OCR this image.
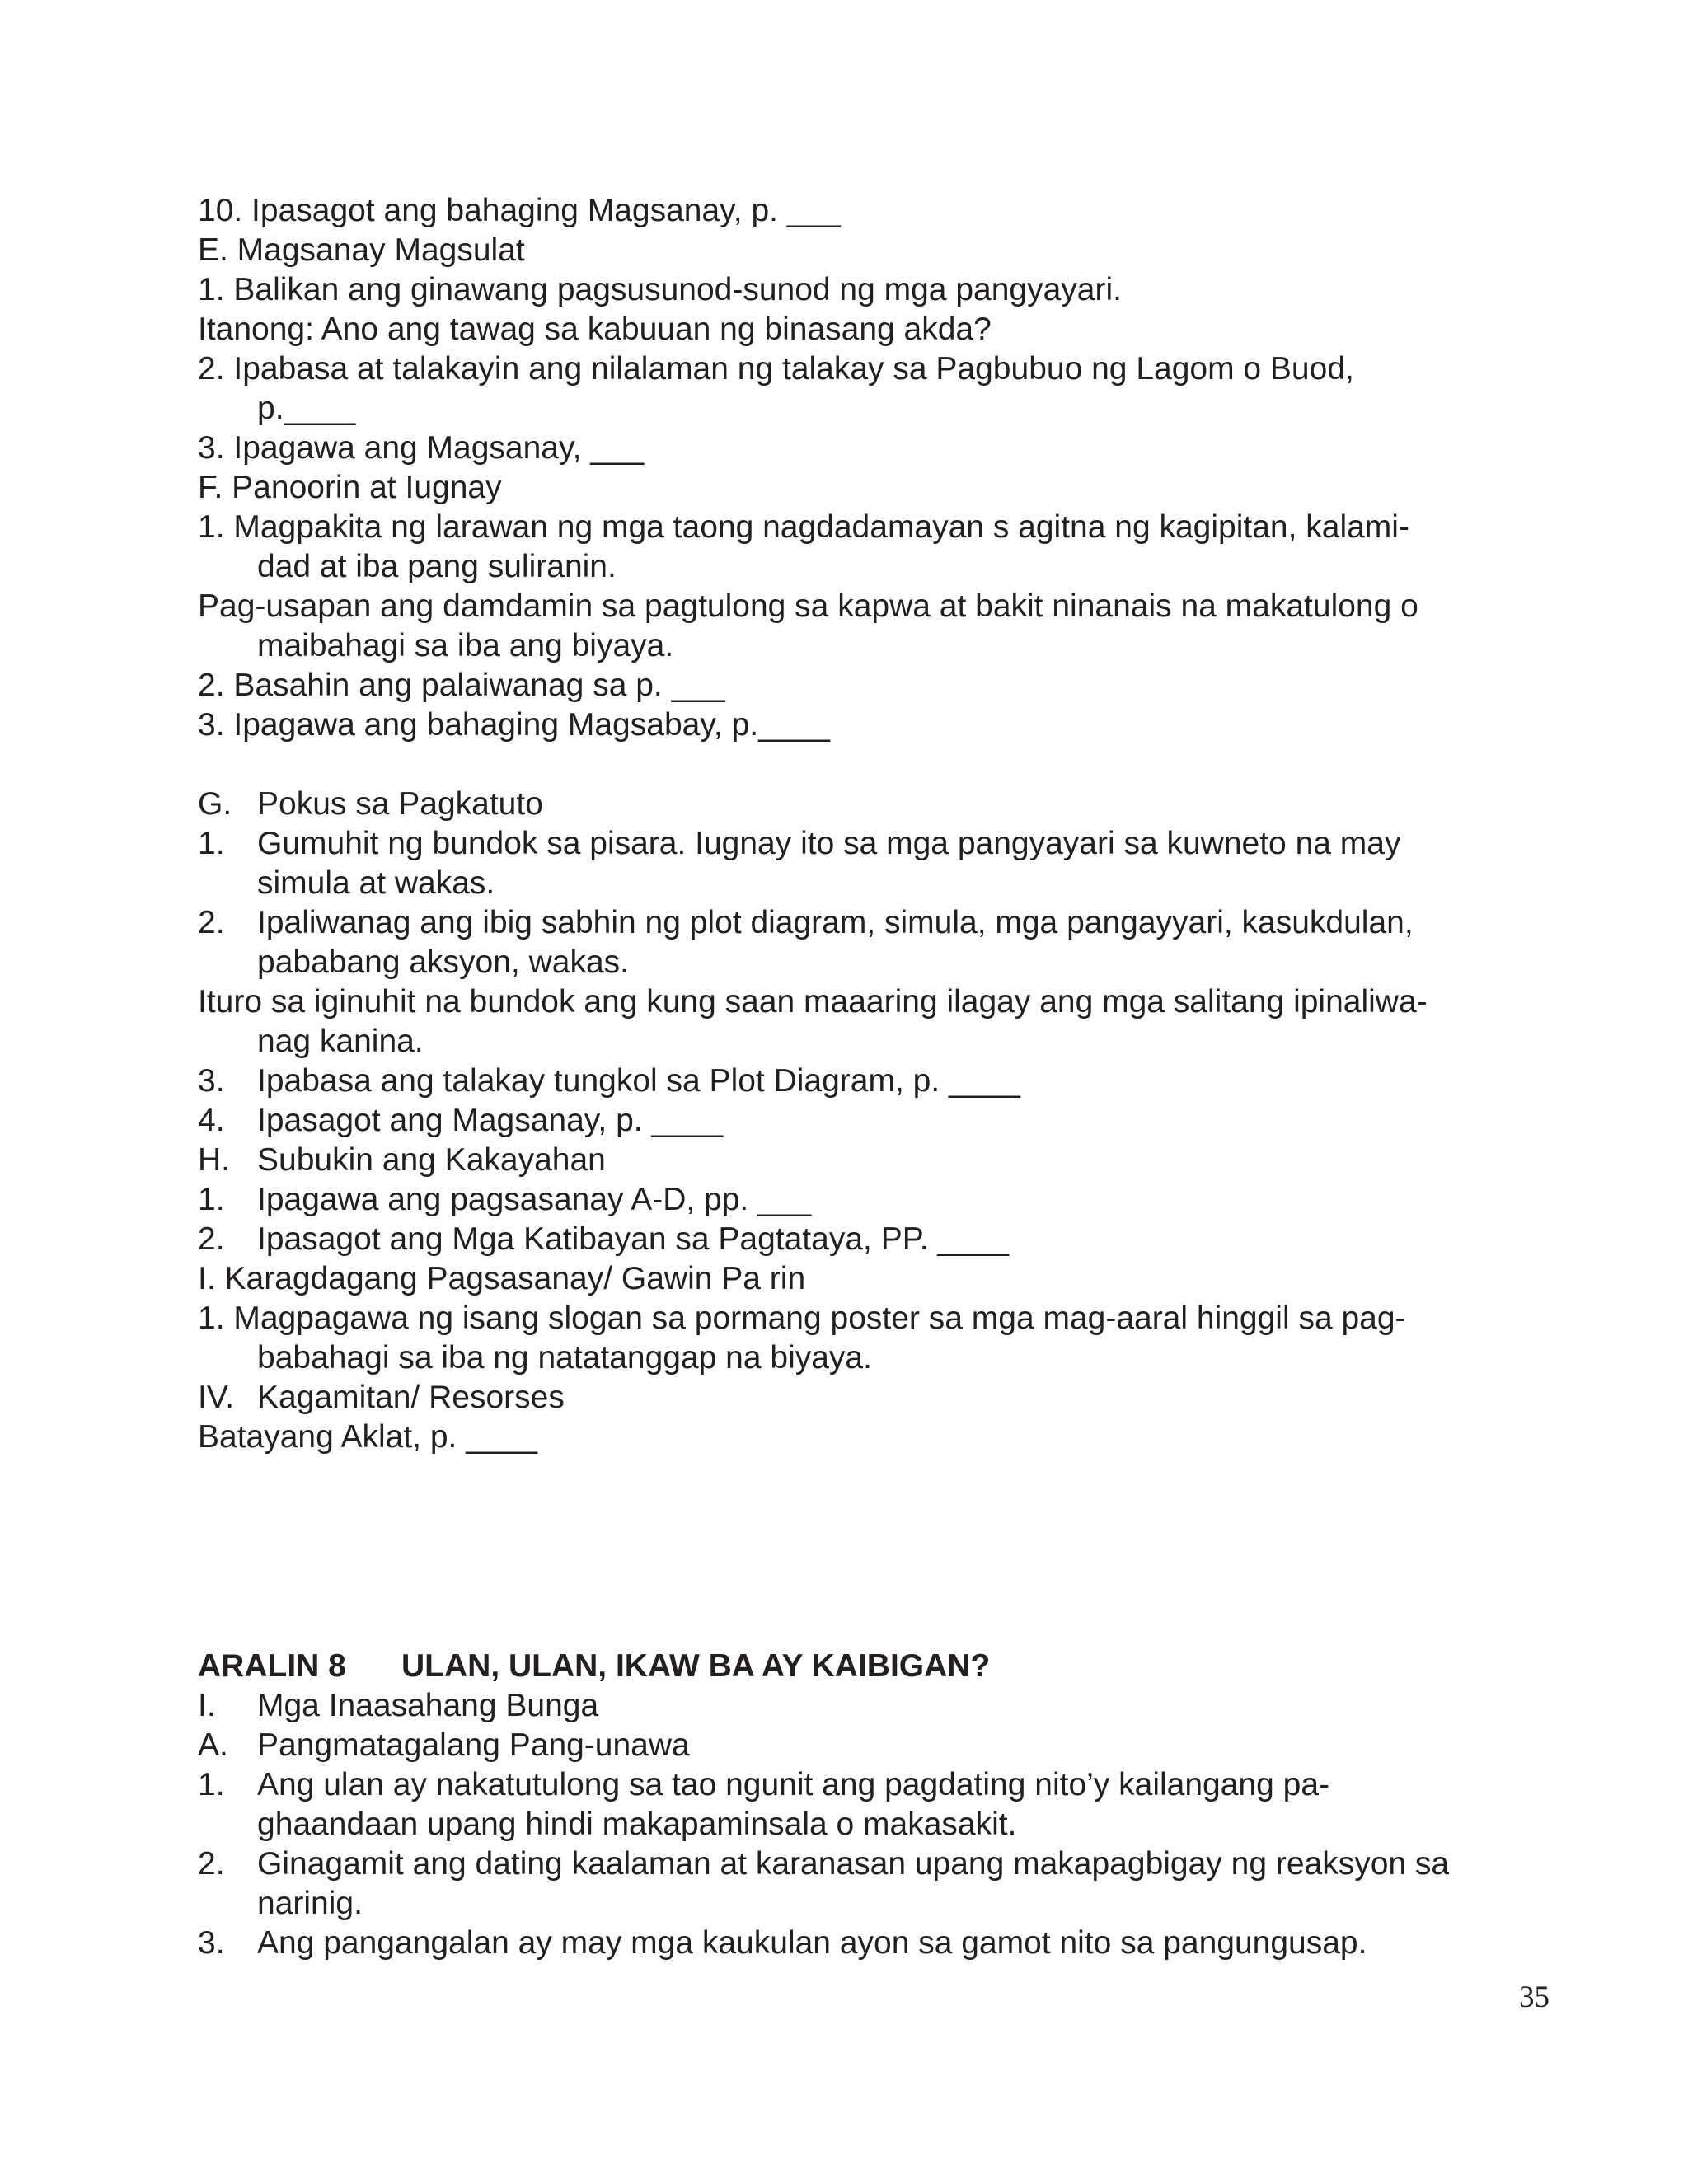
10. Ipasagot ang bahaging Magsanay, p. ___
E. Magsanay Magsulat
1. Balikan ang ginawang pagsusunod-sunod ng mga pangyayari.
Itanong: Ano ang tawag sa kabuuan ng binasang akda?
2. Ipabasa at talakayin ang nilalaman ng talakay sa Pagbubuo ng Lagom o Buod,
p.____
3. Ipagawa ang Magsanay, ___
F. Panoorin at Iugnay
1. Magpakita ng larawan ng mga taong nagdadamayan s agitna ng kagipitan, kalami-
dad at iba pang suliranin.
Pag-usapan ang damdamin sa pagtulong sa kapwa at bakit ninanais na makatulong o
maibahagi sa iba ang biyaya.
2. Basahin ang palaiwanag sa p. ___
3. Ipagawa ang bahaging Magsabay, p.____
G. Pokus sa Pagkatuto
1. Gumuhit ng bundok sa pisara. Iugnay ito sa mga pangyayari sa kuwneto na may
simula at wakas.
2. Ipaliwanag ang ibig sabhin ng plot diagram, simula, mga pangayyari, kasukdulan,
pababang aksyon, wakas.
Ituro sa iginuhit na bundok ang kung saan maaaring ilagay ang mga salitang ipinaliwa-
nag kanina.
3. Ipabasa ang talakay tungkol sa Plot Diagram, p. ____
4. Ipasagot ang Magsanay, p. ____
H. Subukin ang Kakayahan
1. Ipagawa ang pagsasanay A-D, pp. ___
2. Ipasagot ang Mga Katibayan sa Pagtataya, PP. ____
I. Karagdagang Pagsasanay/ Gawin Pa rin
1. Magpagawa ng isang slogan sa pormang poster sa mga mag-aaral hinggil sa pag-
babahagi sa iba ng natatanggap na biyaya.
IV. Kagamitan/ Resorses
Batayang Aklat, p. ____
ARALIN 8 ULAN, ULAN, IKAW BA AY KAIBIGAN?
I. Mga Inaasahang Bunga
A. Pangmatagalang Pang-unawa
1. Ang ulan ay nakatutulong sa tao ngunit ang pagdating nito’y kailangang pa-
ghaandaan upang hindi makapaminsala o makasakit.
2. Ginagamit ang dating kaalaman at karanasan upang makapagbigay ng reaksyon sa
narinig.
3. Ang pangangalan ay may mga kaukulan ayon sa gamot nito sa pangungusap.
35
